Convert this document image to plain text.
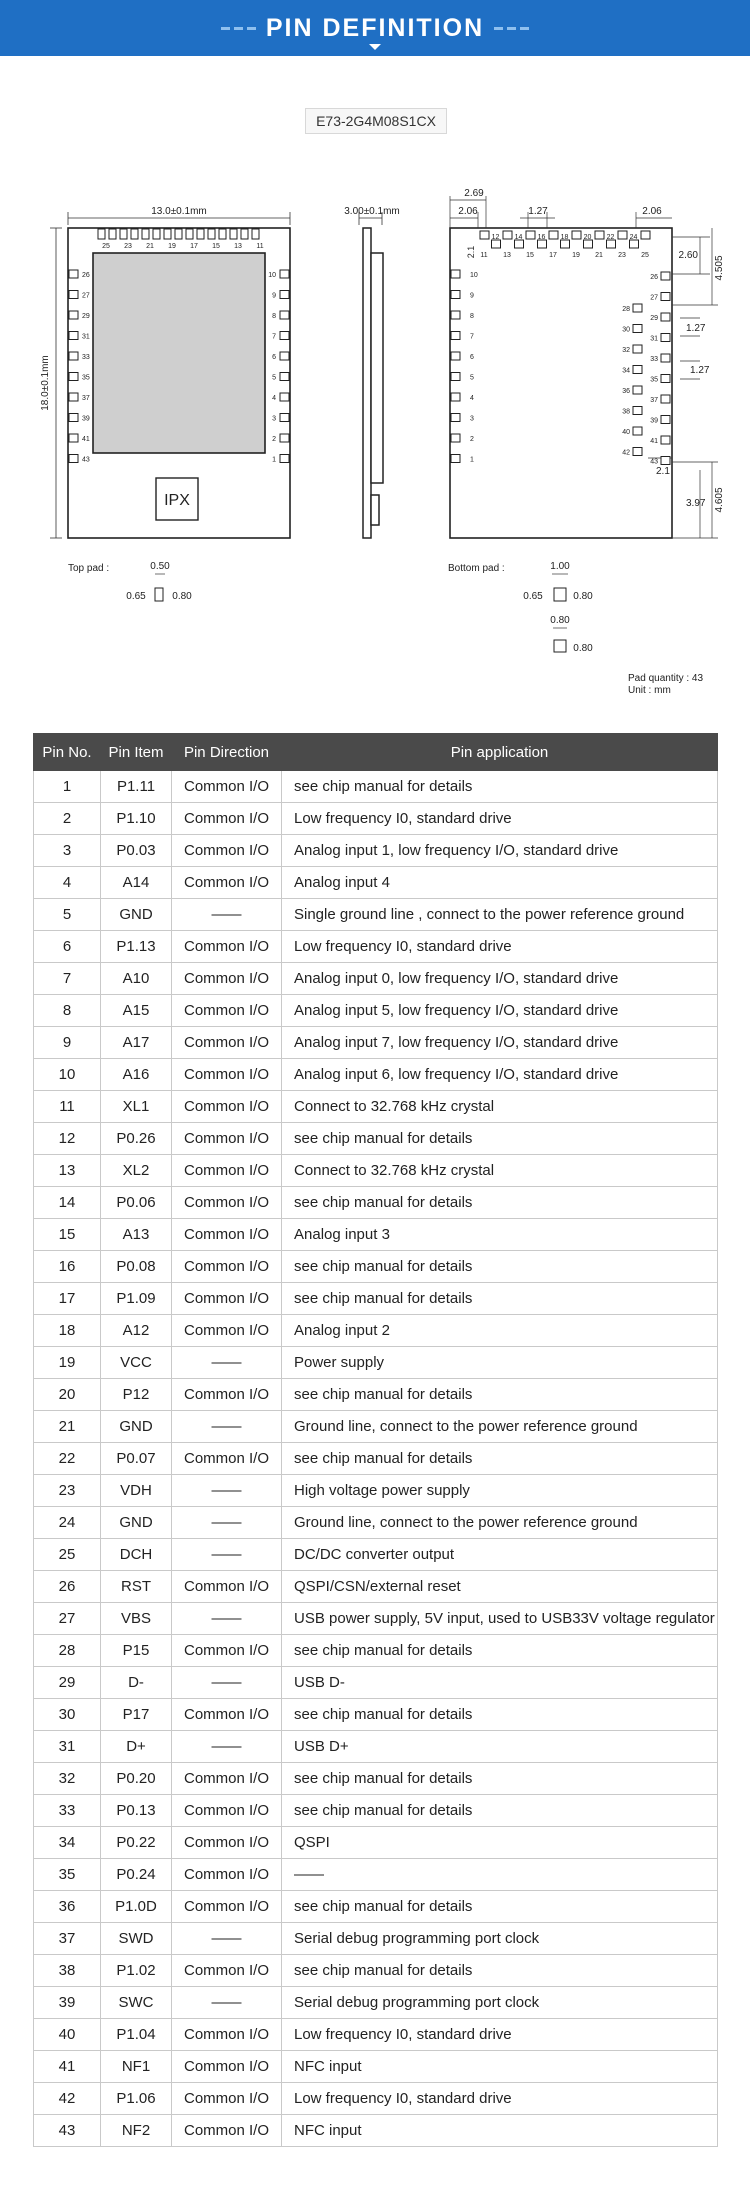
PIN DEFINITION
E73-2G4M08S1CX
13.0±0.1mm
18.0±0.1mm
IPX
25 23 21 19 17 15 13 11
26	10
27	9
29	8
31	7
33	6
35	5
37	4
39	3
41	2
43	1
3.00±0.1mm
2.69
2.06	1.27	2.06
2.1	2.60 4.505
1.27
1.27
2.1
3.97 4.605
11
12
13
14
15
16
17
18
19
20
21
22
23
24
25
10
9
8
7
6
5
4
3
2
1
26
27
29
31
33
35
37
39
41
43
28
30
32
34
36
38
40
42
Top pad :	0.50
0.65	0.80
Bottom pad :	1.00
0.65	0.80
0.80
0.80
Pad quantity : 43
Unit : mm
Pin No.	Pin Item	Pin Direction	Pin application
1	P1.11	Common I/O	see chip manual for details
2	P1.10	Common I/O	Low frequency I0, standard drive
3	P0.03	Common I/O	Analog input 1, low frequency I/O, standard drive
4	A14	Common I/O	Analog input 4
5	GND	——	Single ground line , connect to the power reference ground
6	P1.13	Common I/O	Low frequency I0, standard drive
7	A10	Common I/O	Analog input 0, low frequency I/O, standard drive
8	A15	Common I/O	Analog input 5, low frequency I/O, standard drive
9	A17	Common I/O	Analog input 7, low frequency I/O, standard drive
10	A16	Common I/O	Analog input 6, low frequency I/O, standard drive
11	XL1	Common I/O	Connect to 32.768 kHz crystal
12	P0.26	Common I/O	see chip manual for details
13	XL2	Common I/O	Connect to 32.768 kHz crystal
14	P0.06	Common I/O	see chip manual for details
15	A13	Common I/O	Analog input 3
16	P0.08	Common I/O	see chip manual for details
17	P1.09	Common I/O	see chip manual for details
18	A12	Common I/O	Analog input 2
19	VCC	——	Power supply
20	P12	Common I/O	see chip manual for details
21	GND	——	Ground line, connect to the power reference ground
22	P0.07	Common I/O	see chip manual for details
23	VDH	——	High voltage power supply
24	GND	——	Ground line, connect to the power reference ground
25	DCH	——	DC/DC converter output
26	RST	Common I/O	QSPI/CSN/external reset
27	VBS	——	USB power supply, 5V input, used to USB33V voltage regulator
28	P15	Common I/O	see chip manual for details
29	D-	——	USB D-
30	P17	Common I/O	see chip manual for details
31	D+	——	USB D+
32	P0.20	Common I/O	see chip manual for details
33	P0.13	Common I/O	see chip manual for details
34	P0.22	Common I/O	QSPI
35	P0.24	Common I/O	——
36	P1.0D	Common I/O	see chip manual for details
37	SWD	——	Serial debug programming port clock
38	P1.02	Common I/O	see chip manual for details
39	SWC	——	Serial debug programming port clock
40	P1.04	Common I/O	Low frequency I0, standard drive
41	NF1	Common I/O	NFC input
42	P1.06	Common I/O	Low frequency I0, standard drive
43	NF2	Common I/O	NFC input
